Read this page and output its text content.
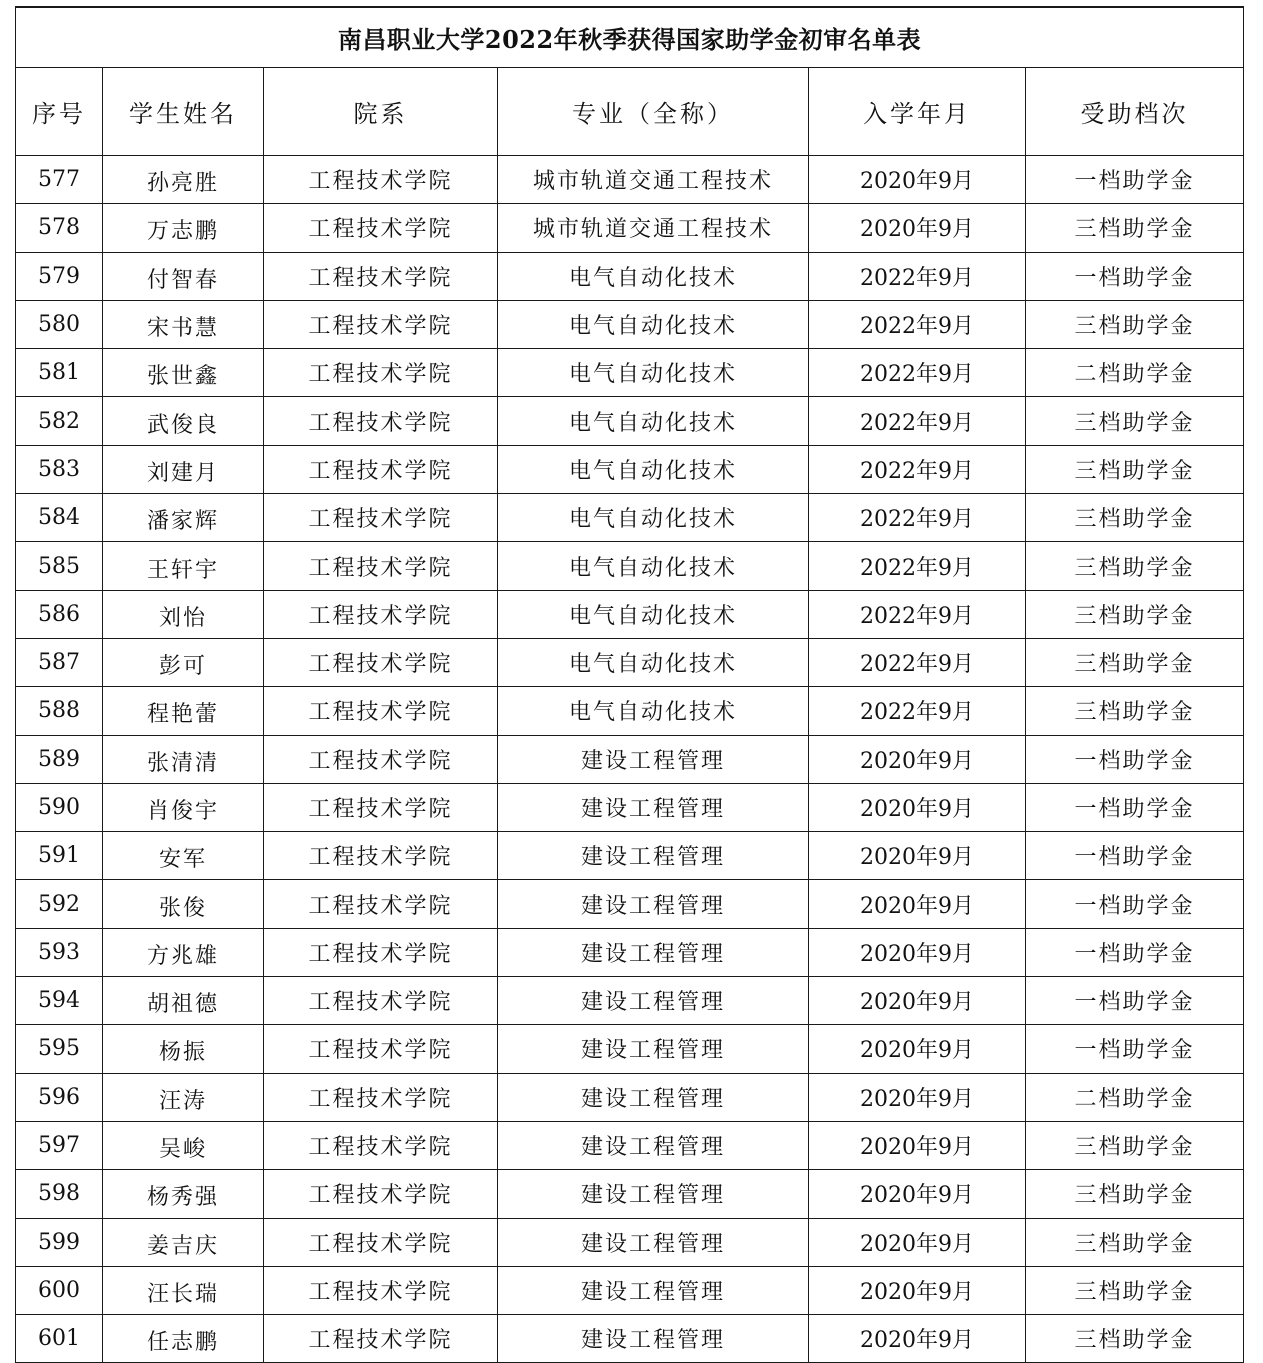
南昌职业大学2022年秋季获得国家助学金初审名单表					
序号	学生姓名	院系	专业（全称）	入学年月	受助档次
577	孙亮胜	工程技术学院	城市轨道交通工程技术	2020年9月	一档助学金
578	万志鹏	工程技术学院	城市轨道交通工程技术	2020年9月	三档助学金
579	付智春	工程技术学院	电气自动化技术	2022年9月	一档助学金
580	宋书慧	工程技术学院	电气自动化技术	2022年9月	三档助学金
581	张世鑫	工程技术学院	电气自动化技术	2022年9月	二档助学金
582	武俊良	工程技术学院	电气自动化技术	2022年9月	三档助学金
583	刘建月	工程技术学院	电气自动化技术	2022年9月	三档助学金
584	潘家辉	工程技术学院	电气自动化技术	2022年9月	三档助学金
585	王轩宇	工程技术学院	电气自动化技术	2022年9月	三档助学金
586	刘怡	工程技术学院	电气自动化技术	2022年9月	三档助学金
587	彭可	工程技术学院	电气自动化技术	2022年9月	三档助学金
588	程艳蕾	工程技术学院	电气自动化技术	2022年9月	三档助学金
589	张清清	工程技术学院	建设工程管理	2020年9月	一档助学金
590	肖俊宇	工程技术学院	建设工程管理	2020年9月	一档助学金
591	安军	工程技术学院	建设工程管理	2020年9月	一档助学金
592	张俊	工程技术学院	建设工程管理	2020年9月	一档助学金
593	方兆雄	工程技术学院	建设工程管理	2020年9月	一档助学金
594	胡祖德	工程技术学院	建设工程管理	2020年9月	一档助学金
595	杨振	工程技术学院	建设工程管理	2020年9月	一档助学金
596	汪涛	工程技术学院	建设工程管理	2020年9月	二档助学金
597	吴峻	工程技术学院	建设工程管理	2020年9月	三档助学金
598	杨秀强	工程技术学院	建设工程管理	2020年9月	三档助学金
599	姜吉庆	工程技术学院	建设工程管理	2020年9月	三档助学金
600	汪长瑞	工程技术学院	建设工程管理	2020年9月	三档助学金
601	任志鹏	工程技术学院	建设工程管理	2020年9月	三档助学金
